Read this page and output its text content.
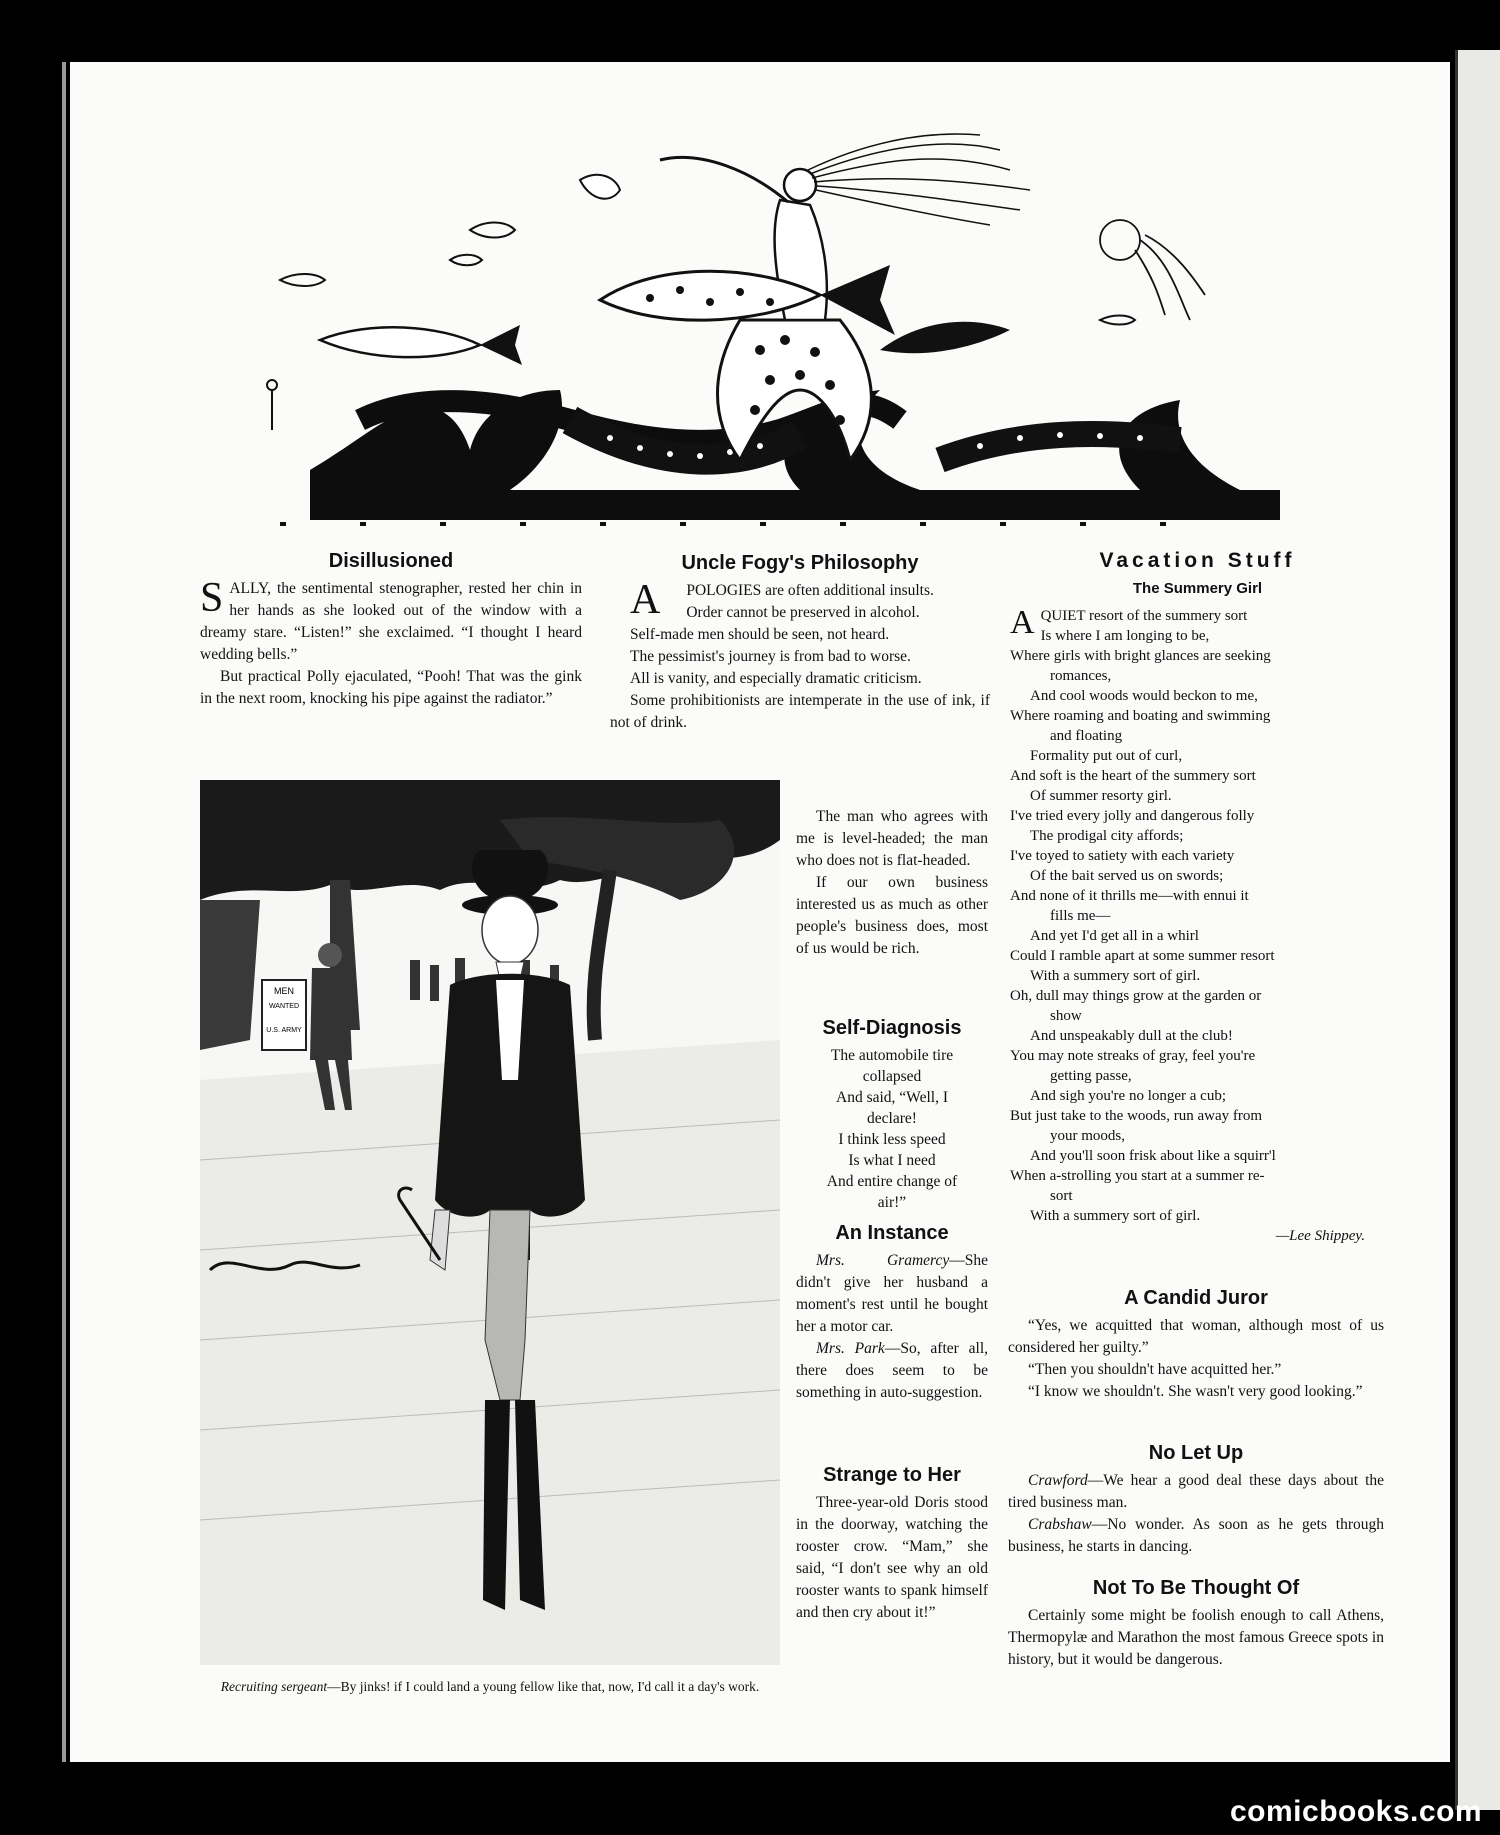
Disillusioned

SALLY, the sentimental stenographer, rested her chin in her hands as she looked out of the window with a dreamy stare. “Listen!” she exclaimed. “I thought I heard wedding bells.”

But practical Polly ejaculated, “Pooh! That was the gink in the next room, knocking his pipe against the radiator.”

MEN
WANTED
U.S. ARMY
Recruiting sergeant—By jinks! if I could land a young fellow like that, now, I'd call it a day's work.
Uncle Fogy's Philosophy

A POLOGIES are often additional insults.

Order cannot be preserved in alcohol.

Self-made men should be seen, not heard.

The pessimist's journey is from bad to worse.

All is vanity, and especially dramatic criticism.

Some prohibitionists are intemperate in the use of ink, if not of drink.

The man who agrees with me is level-headed; the man who does not is flat-headed.

If our own business interested us as much as other people's business does, most of us would be rich.

Self-Diagnosis
The automobile tire
collapsed
And said, “Well, I
declare!
I think less speed
Is what I need
And entire change of
air!”
An Instance

Mrs. Gramercy—She didn't give her husband a moment's rest until he bought her a motor car.

Mrs. Park—So, after all, there does seem to be something in auto-suggestion.

Strange to Her

Three-year-old Doris stood in the doorway, watching the rooster crow. “Mam,” she said, “I don't see why an old rooster wants to spank himself and then cry about it!”

Vacation Stuff
The Summery Girl
AQUIET resort of the summery sort
Is where I am longing to be,
Where girls with bright glances are seeking
romances,
And cool woods would beckon to me,
Where roaming and boating and swimming
and floating
Formality put out of curl,
And soft is the heart of the summery sort
Of summer resorty girl.
I've tried every jolly and dangerous folly
The prodigal city affords;
I've toyed to satiety with each variety
Of the bait served us on swords;
And none of it thrills me—with ennui it
fills me—
And yet I'd get all in a whirl
Could I ramble apart at some summer resort
With a summery sort of girl.
Oh, dull may things grow at the garden or
show
And unspeakably dull at the club!
You may note streaks of gray, feel you're
getting passe,
And sigh you're no longer a cub;
But just take to the woods, run away from
your moods,
And you'll soon frisk about like a squirr'l
When a-strolling you start at a summer re-
sort
With a summery sort of girl.
—Lee Shippey.
A Candid Juror

“Yes, we acquitted that woman, although most of us considered her guilty.”

“Then you shouldn't have acquitted her.”

“I know we shouldn't. She wasn't very good looking.”

No Let Up

Crawford—We hear a good deal these days about the tired business man.

Crabshaw—No wonder. As soon as he gets through business, he starts in dancing.

Not To Be Thought Of

Certainly some might be foolish enough to call Athens, Thermopylæ and Marathon the most famous Greece spots in history, but it would be dangerous.

comicbooks.com
